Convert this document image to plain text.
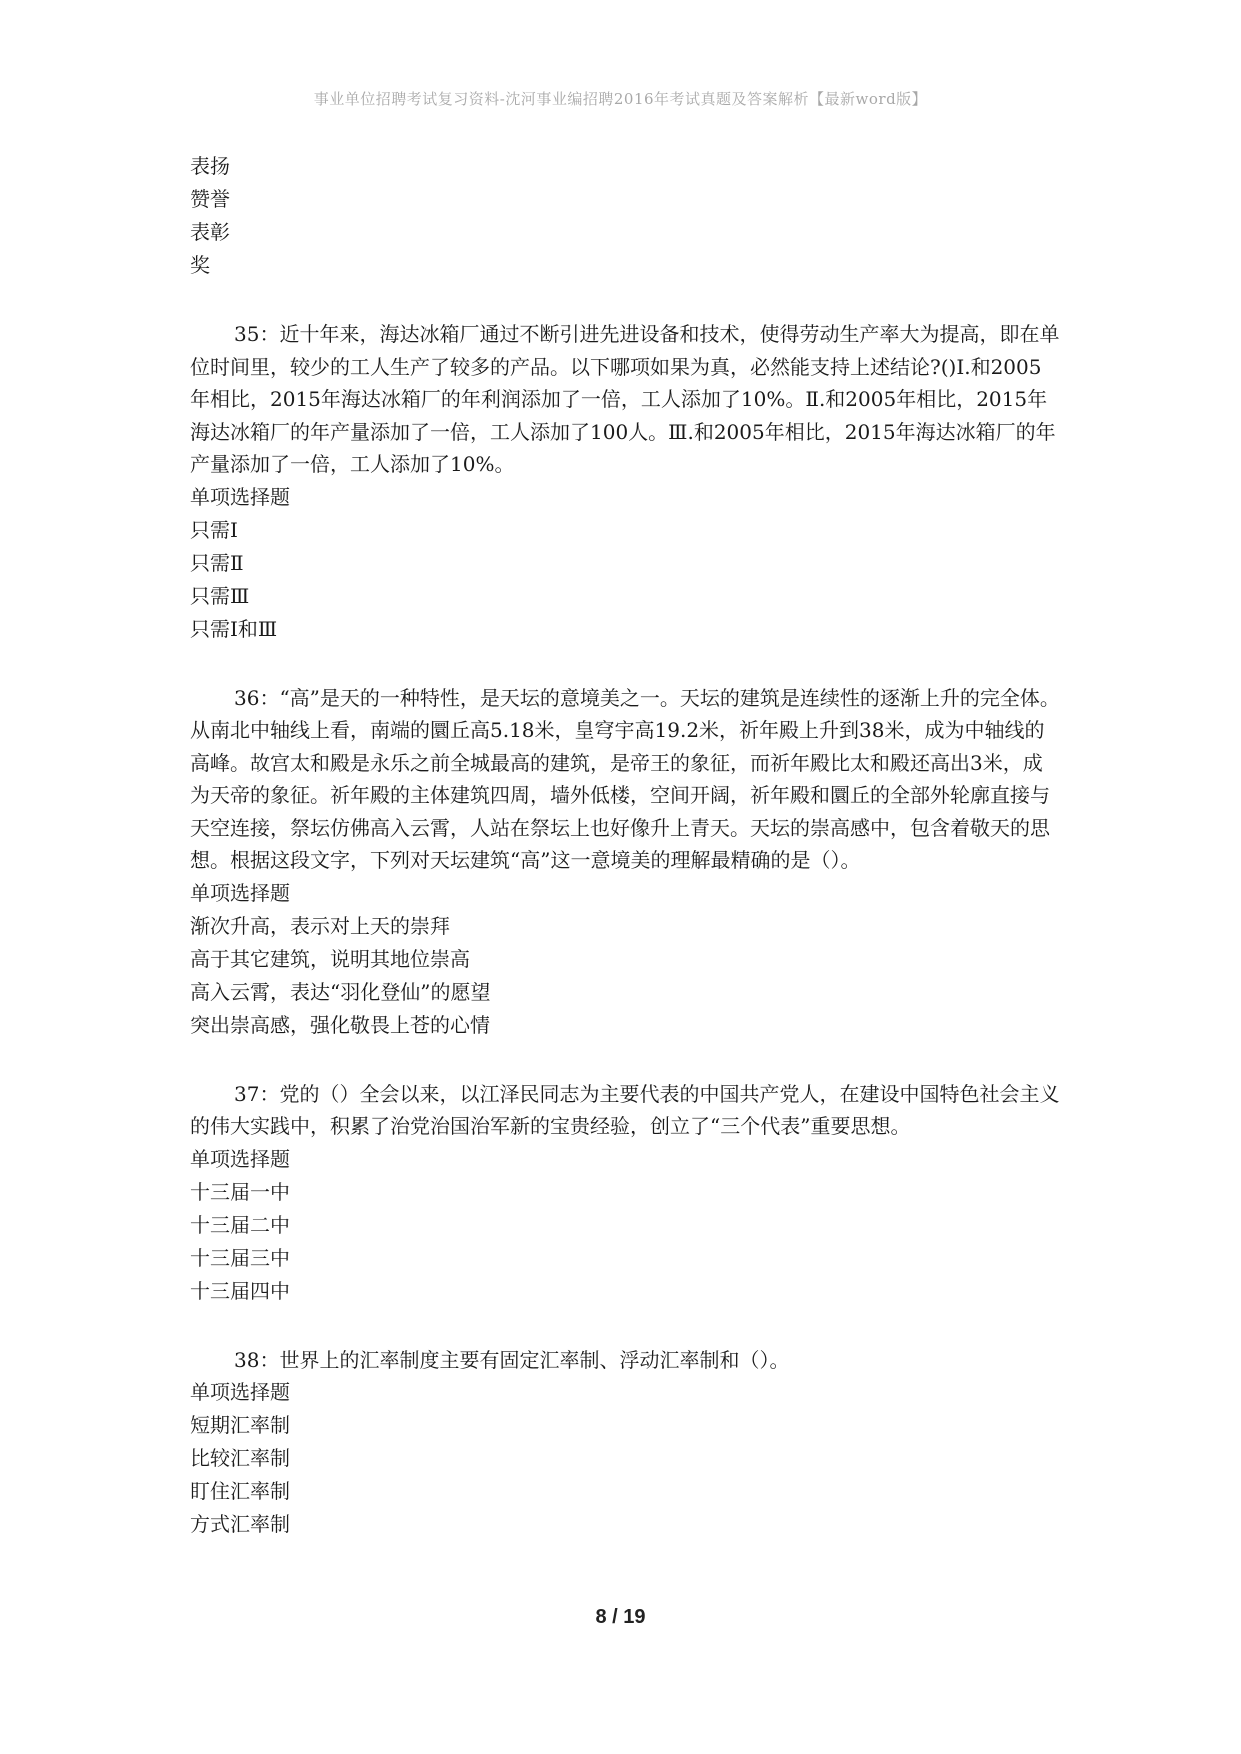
事业单位招聘考试复习资料-沈河事业编招聘2016年考试真题及答案解析【最新word版】
表扬
赞誉
表彰
奖
35：近十年来，海达冰箱厂通过不断引进先进设备和技术，使得劳动生产率大为提高，即在单位时间里，较少的工人生产了较多的产品。以下哪项如果为真，必然能支持上述结论?()Ⅰ.和2005年相比，2015年海达冰箱厂的年利润添加了一倍，工人添加了10%。Ⅱ.和2005年相比，2015年海达冰箱厂的年产量添加了一倍，工人添加了100人。Ⅲ.和2005年相比，2015年海达冰箱厂的年产量添加了一倍，工人添加了10%。
单项选择题
只需Ⅰ
只需Ⅱ
只需Ⅲ
只需Ⅰ和Ⅲ
36：“高”是天的一种特性，是天坛的意境美之一。天坛的建筑是连续性的逐渐上升的完全体。从南北中轴线上看，南端的圜丘高5.18米，皇穹宇高19.2米，祈年殿上升到38米，成为中轴线的高峰。故宫太和殿是永乐之前全城最高的建筑，是帝王的象征，而祈年殿比太和殿还高出3米，成为天帝的象征。祈年殿的主体建筑四周，墙外低楼，空间开阔，祈年殿和圜丘的全部外轮廓直接与天空连接，祭坛仿佛高入云霄，人站在祭坛上也好像升上青天。天坛的崇高感中，包含着敬天的思想。根据这段文字，下列对天坛建筑“高”这一意境美的理解最精确的是（）。
单项选择题
渐次升高，表示对上天的崇拜
高于其它建筑，说明其地位崇高
高入云霄，表达“羽化登仙”的愿望
突出崇高感，强化敬畏上苍的心情
37：党的（）全会以来，以江泽民同志为主要代表的中国共产党人，在建设中国特色社会主义的伟大实践中，积累了治党治国治军新的宝贵经验，创立了“三个代表”重要思想。
单项选择题
十三届一中
十三届二中
十三届三中
十三届四中
38：世界上的汇率制度主要有固定汇率制、浮动汇率制和（）。
单项选择题
短期汇率制
比较汇率制
盯住汇率制
方式汇率制
8 / 19
